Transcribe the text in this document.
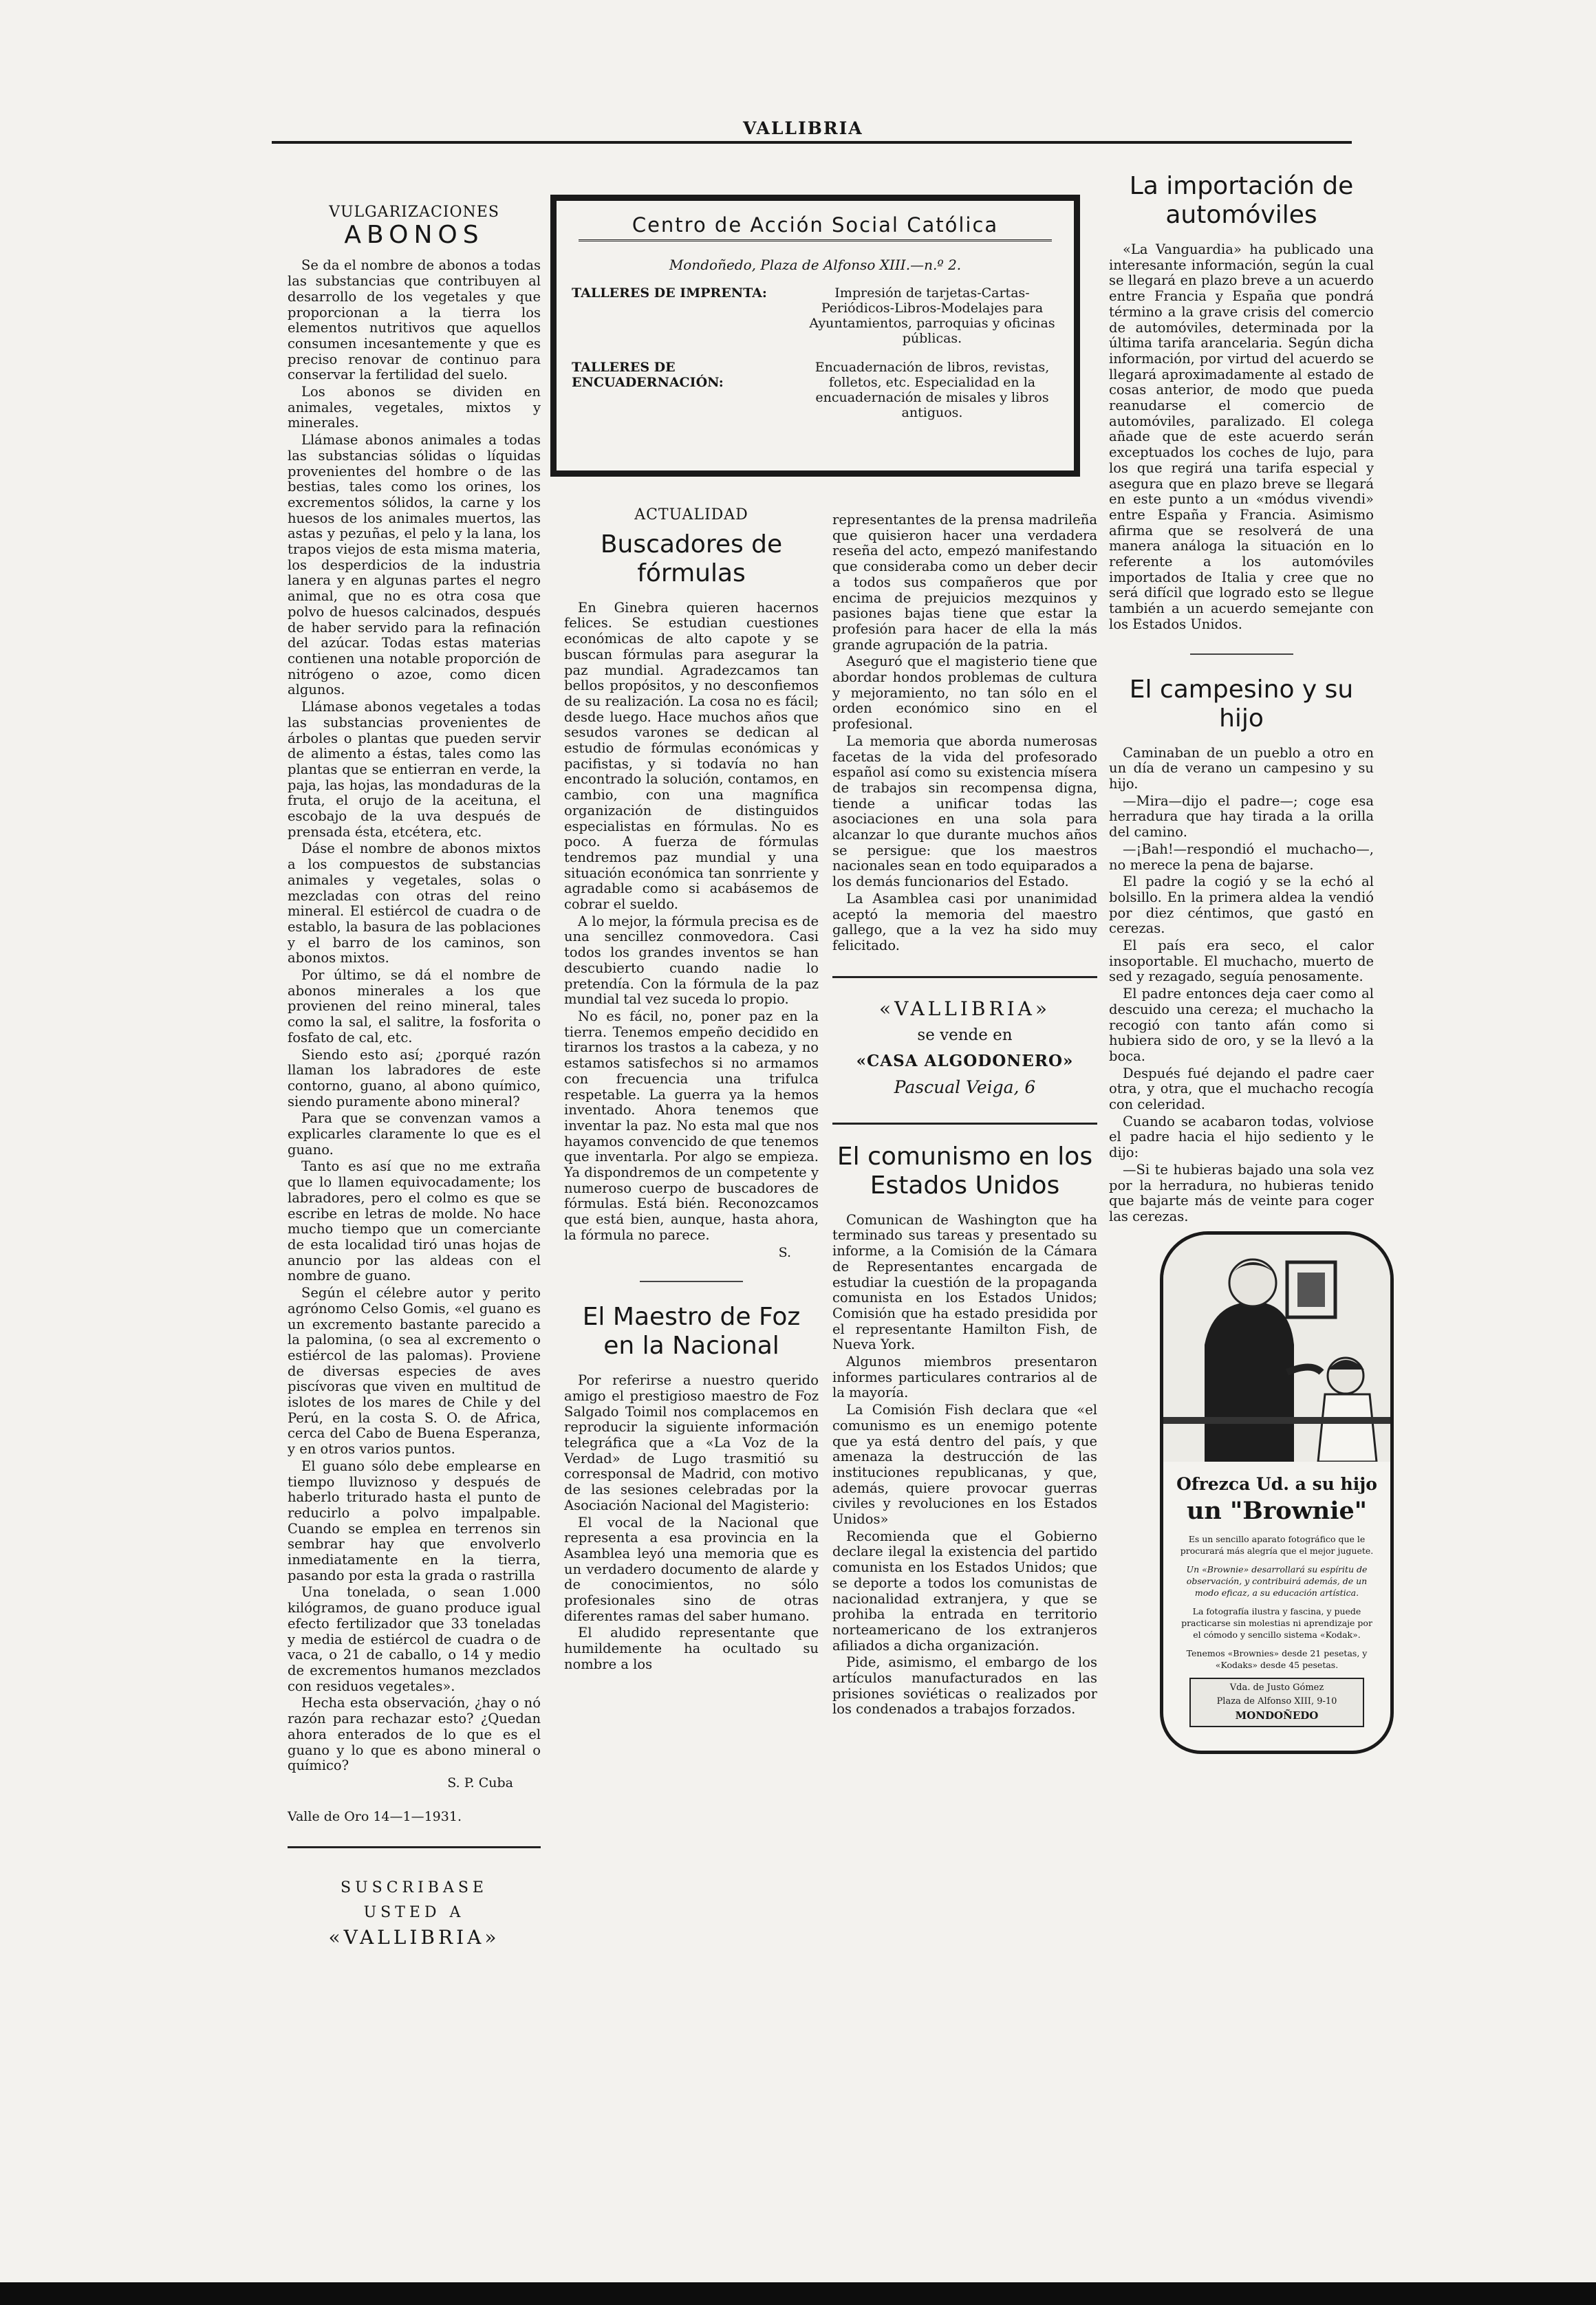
VALLIBRIA
VULGARIZACIONES
ABONOS

Se da el nombre de abonos a todas las substancias que contribuyen al desarrollo de los vegetales y que proporcionan a la tierra los elementos nutritivos que aquellos consumen incesantemente y que es preciso renovar de continuo para conservar la fertilidad del suelo.

Los abonos se dividen en animales, vegetales, mixtos y minerales.

Llámase abonos animales a todas las substancias sólidas o líquidas provenientes del hombre o de las bestias, tales como los orines, los excrementos sólidos, la carne y los huesos de los animales muertos, las astas y pezuñas, el pelo y la lana, los trapos viejos de esta misma materia, los desperdicios de la industria lanera y en algunas partes el negro animal, que no es otra cosa que polvo de huesos calcinados, después de haber servido para la refinación del azúcar. Todas estas materias contienen una notable proporción de nitrógeno o azoe, como dicen algunos.

Llámase abonos vegetales a todas las substancias provenientes de árboles o plantas que pueden servir de alimento a éstas, tales como las plantas que se entierran en verde, la paja, las hojas, las mondaduras de la fruta, el orujo de la aceituna, el escobajo de la uva después de prensada ésta, etcétera, etc.

Dáse el nombre de abonos mixtos a los compuestos de substancias animales y vegetales, solas o mezcladas con otras del reino mineral. El estiércol de cuadra o de establo, la basura de las poblaciones y el barro de los caminos, son abonos mixtos.

Por último, se dá el nombre de abonos minerales a los que provienen del reino mineral, tales como la sal, el salitre, la fosforita o fosfato de cal, etc.

Siendo esto así; ¿porqué razón llaman los labradores de este contorno, guano, al abono químico, siendo puramente abono mineral?

Para que se convenzan vamos a explicarles claramente lo que es el guano.

Tanto es así que no me extraña que lo llamen equivocadamente; los labradores, pero el colmo es que se escribe en letras de molde. No hace mucho tiempo que un comerciante de esta localidad tiró unas hojas de anuncio por las aldeas con el nombre de guano.

Según el célebre autor y perito agrónomo Celso Gomis, «el guano es un excremento bastante parecido a la palomina, (o sea al excremento o estiércol de las palomas). Proviene de diversas especies de aves piscívoras que viven en multitud de islotes de los mares de Chile y del Perú, en la costa S. O. de Africa, cerca del Cabo de Buena Esperanza, y en otros varios puntos.

El guano sólo debe emplearse en tiempo lluviznoso y después de haberlo triturado hasta el punto de reducirlo a polvo impalpable. Cuando se emplea en terrenos sin sembrar hay que envolverlo inmediatamente en la tierra, pasando por esta la grada o rastrilla

Una tonelada, o sean 1.000 kilógramos, de guano produce igual efecto fertilizador que 33 toneladas y media de estiércol de cuadra o de vaca, o 21 de caballo, o 14 y medio de excrementos humanos mezclados con residuos vegetales».

Hecha esta observación, ¿hay o nó razón para rechazar esto? ¿Quedan ahora enterados de lo que es el guano y lo que es abono mineral o químico?

S. P. Cuba
Valle de Oro 14—1—1931.
SUSCRIBASE
USTED A
«VALLIBRIA»
Centro de Acción Social Católica
Mondoñedo, Plaza de Alfonso XIII.—n.º 2.
TALLERES DE IMPRENTA:	Impresión de tarjetas-Cartas-Periódicos-Libros-Modelajes para Ayuntamientos, parroquias y oficinas públicas.
TALLERES DE ENCUADERNACIÓN:
Encuadernación de libros, revistas, folletos, etc. Especialidad en la encuadernación de misales y libros antiguos.
ACTUALIDAD
Buscadores de fórmulas

En Ginebra quieren hacernos felices. Se estudian cuestiones económicas de alto capote y se buscan fórmulas para asegurar la paz mundial. Agradezcamos tan bellos propósitos, y no desconfiemos de su realización. La cosa no es fácil; desde luego. Hace muchos años que sesudos varones se dedican al estudio de fórmulas económicas y pacifistas, y si todavía no han encontrado la solución, contamos, en cambio, con una magnífica organización de distinguidos especialistas en fórmulas. No es poco. A fuerza de fórmulas tendremos paz mundial y una situación económica tan sonrriente y agradable como si acabásemos de cobrar el sueldo.

A lo mejor, la fórmula precisa es de una sencillez conmovedora. Casi todos los grandes inventos se han descubierto cuando nadie lo pretendía. Con la fórmula de la paz mundial tal vez suceda lo propio.

No es fácil, no, poner paz en la tierra. Tenemos empeño decidido en tirarnos los trastos a la cabeza, y no estamos satisfechos si no armamos con frecuencia una trifulca respetable. La guerra ya la hemos inventado. Ahora tenemos que inventar la paz. No esta mal que nos hayamos convencido de que tenemos que inventarla. Por algo se empieza. Ya dispondremos de un competente y numeroso cuerpo de buscadores de fórmulas. Está bién. Reconozcamos que está bien, aunque, hasta ahora, la fórmula no parece.

S.
El Maestro de Foz en la Nacional

Por referirse a nuestro querido amigo el prestigioso maestro de Foz Salgado Toimil nos complacemos en reproducir la siguiente información telegráfica que a «La Voz de la Verdad» de Lugo trasmitió su corresponsal de Madrid, con motivo de las sesiones celebradas por la Asociación Nacional del Magisterio:

El vocal de la Nacional que representa a esa provincia en la Asamblea leyó una memoria que es un verdadero documento de alarde y de conocimientos, no sólo profesionales sino de otras diferentes ramas del saber humano.

El aludido representante que humildemente ha ocultado su nombre a los

representantes de la prensa madrileña que quisieron hacer una verdadera reseña del acto, empezó manifestando que consideraba como un deber decir a todos sus compañeros que por encima de prejuicios mezquinos y pasiones bajas tiene que estar la profesión para hacer de ella la más grande agrupación de la patria.

Aseguró que el magisterio tiene que abordar hondos problemas de cultura y mejoramiento, no tan sólo en el orden económico sino en el profesional.

La memoria que aborda numerosas facetas de la vida del profesorado español así como su existencia mísera de trabajos sin recompensa digna, tiende a unificar todas las asociaciones en una sola para alcanzar lo que durante muchos años se persigue: que los maestros nacionales sean en todo equiparados a los demás funcionarios del Estado.

La Asamblea casi por unanimidad aceptó la memoria del maestro gallego, que a la vez ha sido muy felicitado.

«VALLIBRIA»
se vende en
«CASA ALGODONERO»
Pascual Veiga, 6
El comunismo en los Estados Unidos

Comunican de Washington que ha terminado sus tareas y presentado su informe, a la Comisión de la Cámara de Representantes encargada de estudiar la cuestión de la propaganda comunista en los Estados Unidos; Comisión que ha estado presidida por el representante Hamilton Fish, de Nueva York.

Algunos miembros presentaron informes particulares contrarios al de la mayoría.

La Comisión Fish declara que «el comunismo es un enemigo potente que ya está dentro del país, y que amenaza la destrucción de las instituciones republicanas, y que, además, quiere provocar guerras civiles y revoluciones en los Estados Unidos»

Recomienda que el Gobierno declare ilegal la existencia del partido comunista en los Estados Unidos; que se deporte a todos los comunistas de nacionalidad extranjera, y que se prohiba la entrada en territorio norteamericano de los extranjeros afiliados a dicha organización.

Pide, asimismo, el embargo de los artículos manufacturados en las prisiones soviéticas o realizados por los condenados a trabajos forzados.

La importación de automóviles

«La Vanguardia» ha publicado una interesante información, según la cual se llegará en plazo breve a un acuerdo entre Francia y España que pondrá término a la grave crisis del comercio de automóviles, determinada por la última tarifa arancelaria. Según dicha información, por virtud del acuerdo se llegará aproximadamente al estado de cosas anterior, de modo que pueda reanudarse el comercio de automóviles, paralizado. El colega añade que de este acuerdo serán exceptuados los coches de lujo, para los que regirá una tarifa especial y asegura que en plazo breve se llegará en este punto a un «módus vivendi» entre España y Francia. Asimismo afirma que se resolverá de una manera análoga la situación en lo referente a los automóviles importados de Italia y cree que no será difícil que logrado esto se llegue también a un acuerdo semejante con los Estados Unidos.

El campesino y su hijo

Caminaban de un pueblo a otro en un día de verano un campesino y su hijo.

—Mira—dijo el padre—; coge esa herradura que hay tirada a la orilla del camino.

—¡Bah!—respondió el muchacho—, no merece la pena de bajarse.

El padre la cogió y se la echó al bolsillo. En la primera aldea la vendió por diez céntimos, que gastó en cerezas.

El país era seco, el calor insoportable. El muchacho, muerto de sed y rezagado, seguía penosamente.

El padre entonces deja caer como al descuido una cereza; el muchacho la recogió con tanto afán como si hubiera sido de oro, y se la llevó a la boca.

Después fué dejando el padre caer otra, y otra, que el muchacho recogía con celeridad.

Cuando se acabaron todas, volviose el padre hacia el hijo sediento y le dijo:

—Si te hubieras bajado una sola vez por la herradura, no hubieras tenido que bajarte más de veinte para coger las cerezas.

Ofrezca Ud. a su hijo
un "Brownie"
Es un sencillo aparato fotográfico que le procurará más alegría que el mejor juguete.
Un «Brownie» desarrollará su espíritu de observación, y contribuirá además, de un modo eficaz, a su educación artística.
La fotografía ilustra y fascina, y puede practicarse sin molestias ni aprendizaje por el cómodo y sencillo sistema «Kodak».
Tenemos «Brownies» desde 21 pesetas, y «Kodaks» desde 45 pesetas.
Vda. de Justo Gómez
Plaza de Alfonso XIII, 9-10
MONDOÑEDO
